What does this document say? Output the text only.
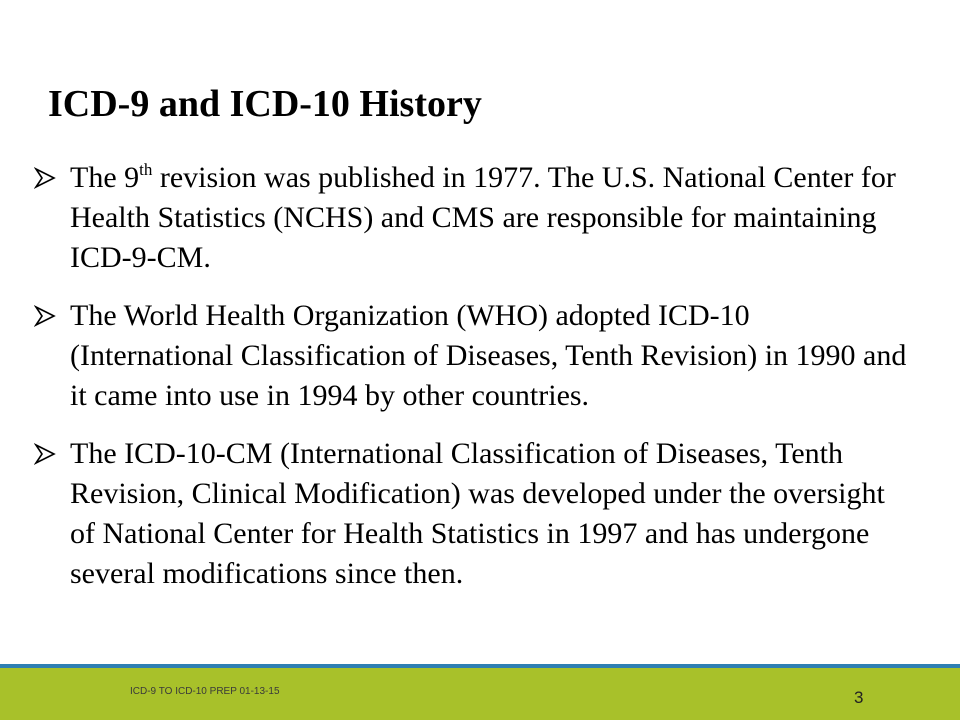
ICD-9 and ICD-10 History
The 9th revision was published in 1977. The U.S. National Center for Health Statistics (NCHS) and CMS are responsible for maintaining ICD-9-CM.
The World Health Organization (WHO) adopted ICD-10 (International Classification of Diseases, Tenth Revision) in 1990 and it came into use in 1994 by other countries.
The ICD-10-CM (International Classification of Diseases, Tenth Revision, Clinical Modification) was developed under the oversight of National Center for Health Statistics in 1997 and has undergone several modifications since then.
ICD-9 TO ICD-10 PREP 01-13-15	3
